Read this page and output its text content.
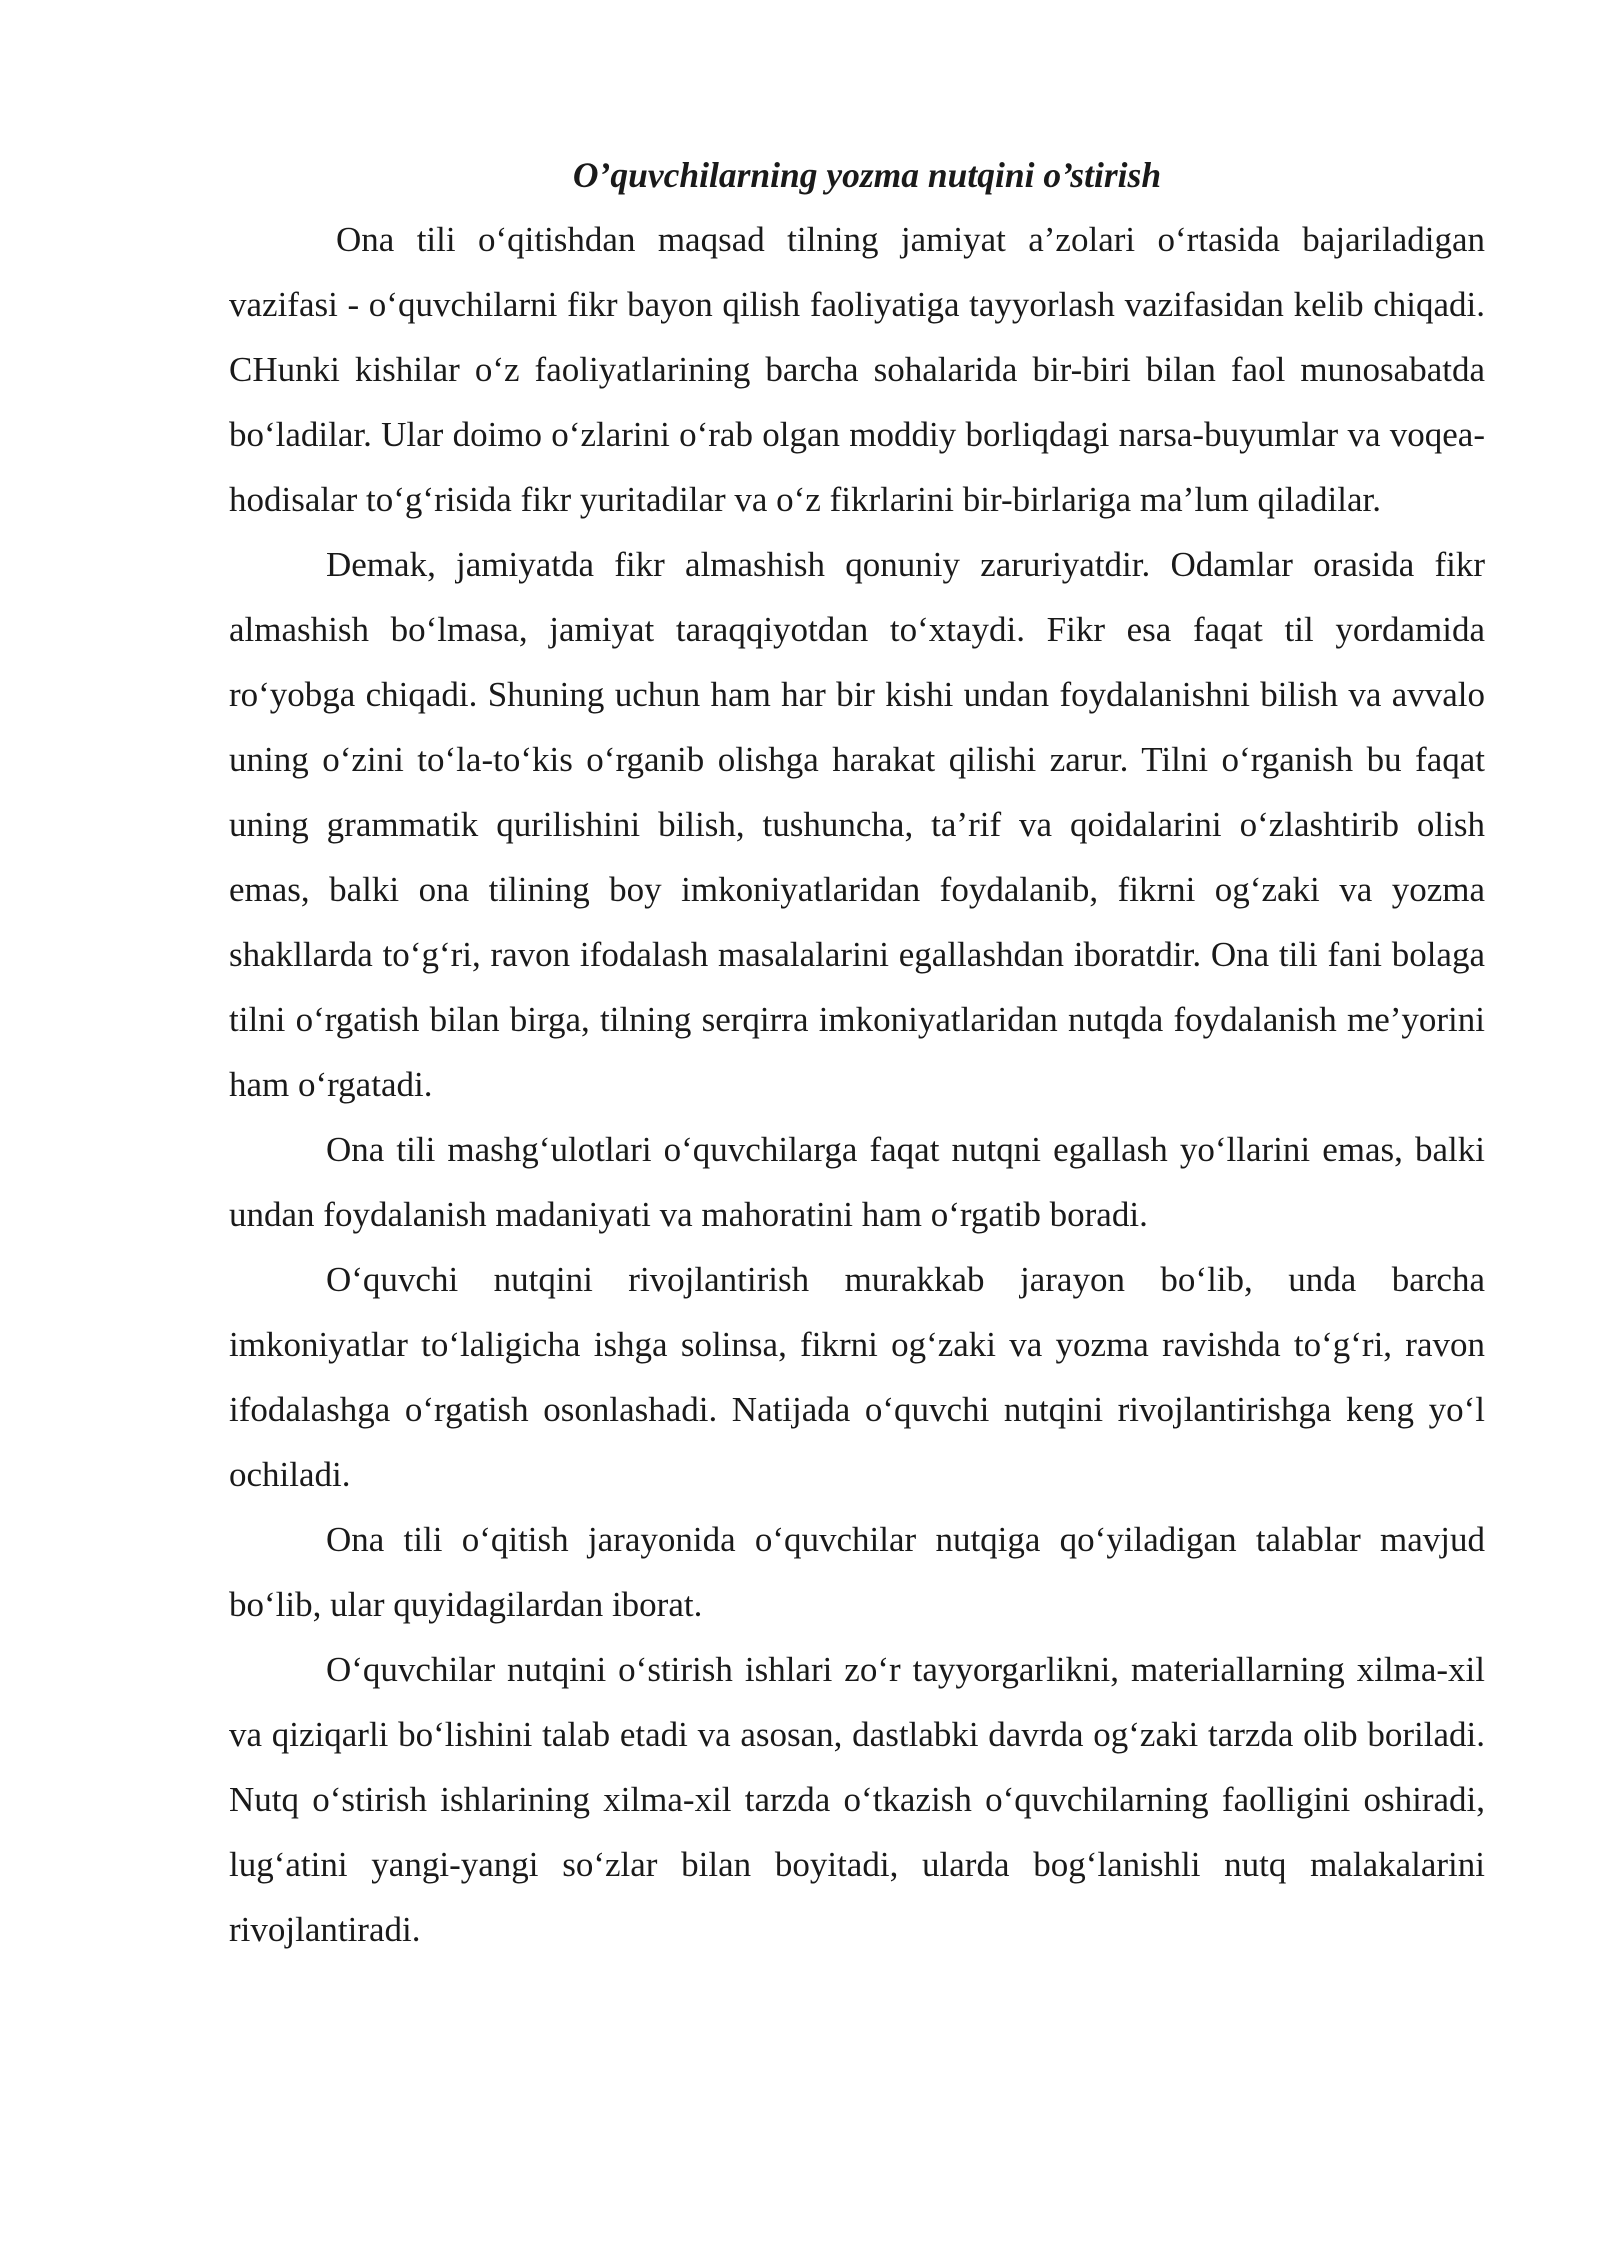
O’quvchilarning yozma nutqini o’stirish

Ona tili o‘qitishdan maqsad tilning jamiyat a’zolari o‘rtasida bajariladigan vazifasi - o‘quvchilarni fikr bayon qilish faoliyatiga tayyorlash vazifasidan kelib chiqadi. CHunki kishilar o‘z faoliyatlarining barcha sohalarida bir-biri bilan faol munosabatda bo‘ladilar. Ular doimo o‘zlarini o‘rab olgan moddiy borliqdagi narsa-buyumlar va voqea-hodisalar to‘g‘risida fikr yuritadilar va o‘z fikrlarini bir-birlariga ma’lum qiladilar.

Demak, jamiyatda fikr almashish qonuniy zaruriyatdir. Odamlar orasida fikr almashish bo‘lmasa, jamiyat taraqqiyotdan to‘xtaydi. Fikr esa faqat til yordamida ro‘yobga chiqadi. Shuning uchun ham har bir kishi undan foydalanishni bilish va avvalo uning o‘zini to‘la-to‘kis o‘rganib olishga harakat qilishi zarur. Tilni o‘rganish bu faqat uning grammatik qurilishini bilish, tushuncha, ta’rif va qoidalarini o‘zlashtirib olish emas, balki ona tilining boy imkoniyatlaridan foydalanib, fikrni og‘zaki va yozma shakllarda to‘g‘ri, ravon ifodalash masalalarini egallashdan iboratdir. Ona tili fani bolaga tilni o‘rgatish bilan birga, tilning serqirra imkoniyatlaridan nutqda foydalanish me’yorini ham o‘rgatadi.

Ona tili mashg‘ulotlari o‘quvchilarga faqat nutqni egallash yo‘llarini emas, balki undan foydalanish madaniyati va mahoratini ham o‘rgatib boradi.

O‘quvchi nutqini rivojlantirish murakkab jarayon bo‘lib, unda barcha imkoniyatlar to‘laligicha ishga solinsa, fikrni og‘zaki va yozma ravishda to‘g‘ri, ravon ifodalashga o‘rgatish osonlashadi. Natijada o‘quvchi nutqini rivojlantirishga keng yo‘l ochiladi.

Ona tili o‘qitish jarayonida o‘quvchilar nutqiga qo‘yiladigan talablar mavjud bo‘lib, ular quyidagilardan iborat.

O‘quvchilar nutqini o‘stirish ishlari zo‘r tayyorgarlikni, materiallarning xilma-xil va qiziqarli bo‘lishini talab etadi va asosan, dastlabki davrda og‘zaki tarzda olib boriladi. Nutq o‘stirish ishlarining xilma-xil tarzda o‘tkazish o‘quvchilarning faolligini oshiradi, lug‘atini yangi-yangi so‘zlar bilan boyitadi, ularda bog‘lanishli nutq malakalarini rivojlantiradi.
